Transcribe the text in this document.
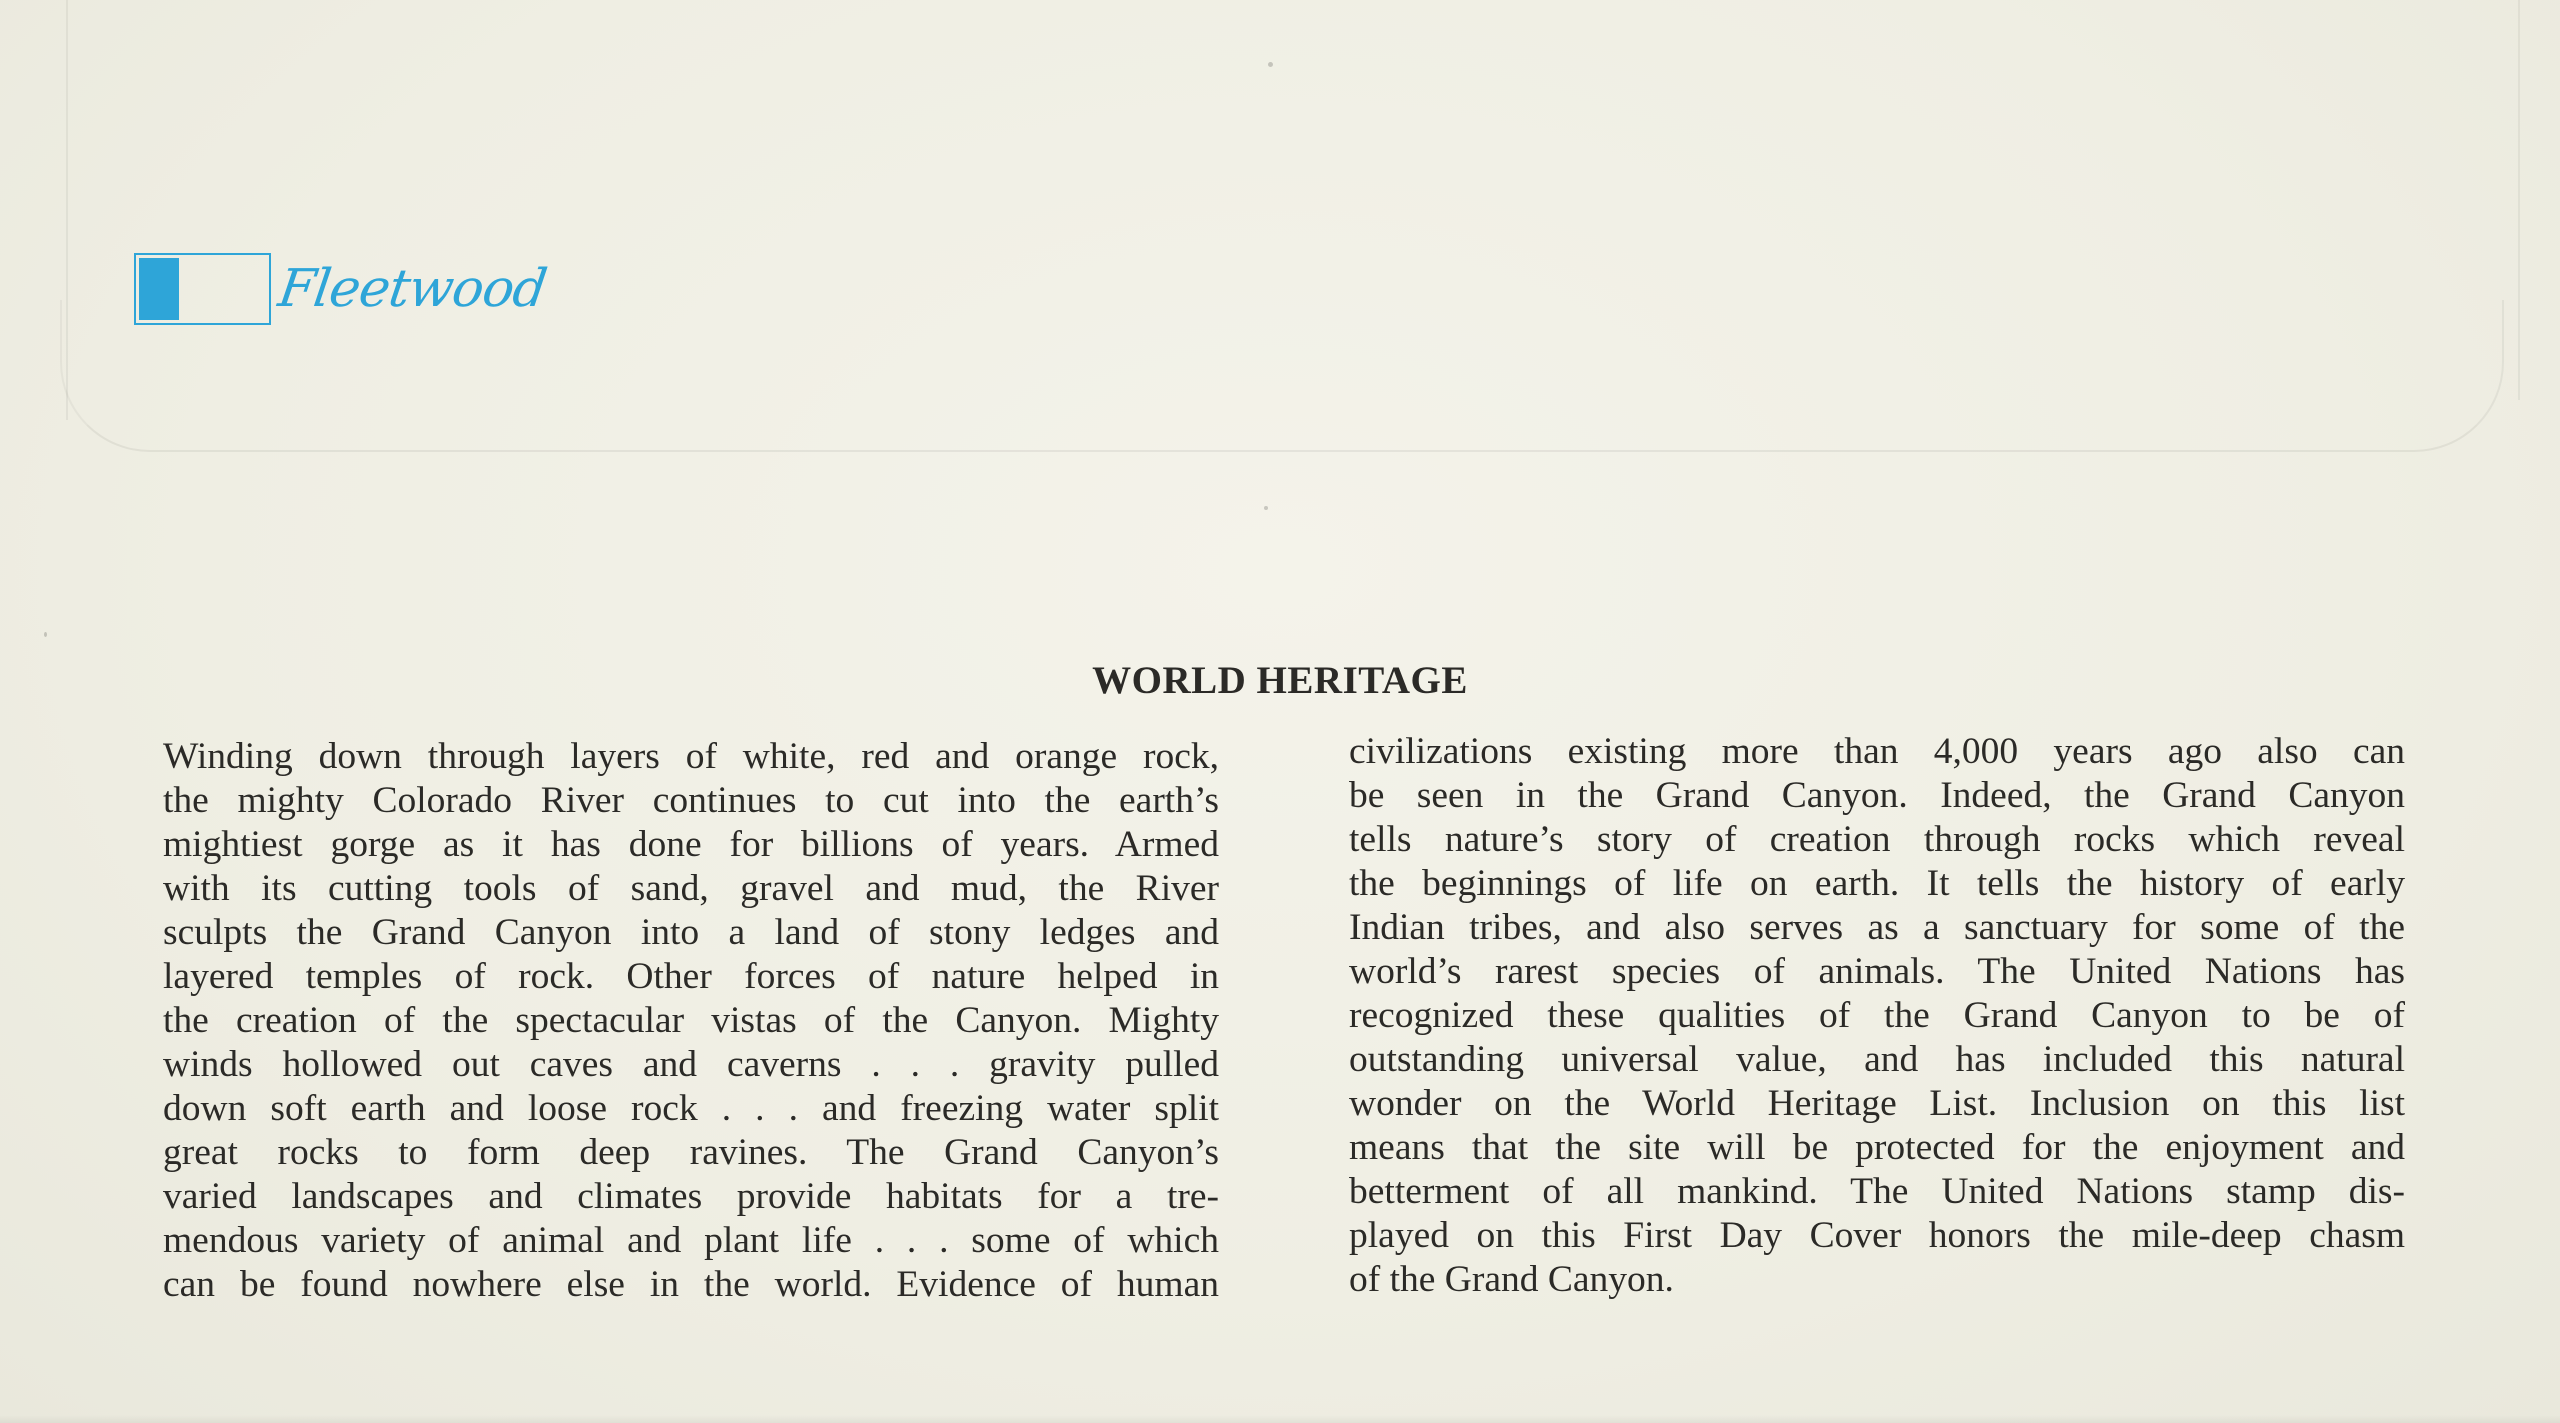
Fleetwood
WORLD HERITAGE
Winding down through layers of white, red and orange rock,
the mighty Colorado River continues to cut into the earth’s
mightiest gorge as it has done for billions of years. Armed
with its cutting tools of sand, gravel and mud, the River
sculpts the Grand Canyon into a land of stony ledges and
layered temples of rock. Other forces of nature helped in
the creation of the spectacular vistas of the Canyon. Mighty
winds hollowed out caves and caverns . . . gravity pulled
down soft earth and loose rock . . . and freezing water split
great rocks to form deep ravines. The Grand Canyon’s
varied landscapes and climates provide habitats for a tre-
mendous variety of animal and plant life . . . some of which
can be found nowhere else in the world. Evidence of human
civilizations existing more than 4,000 years ago also can
be seen in the Grand Canyon. Indeed, the Grand Canyon
tells nature’s story of creation through rocks which reveal
the beginnings of life on earth. It tells the history of early
Indian tribes, and also serves as a sanctuary for some of the
world’s rarest species of animals. The United Nations has
recognized these qualities of the Grand Canyon to be of
outstanding universal value, and has included this natural
wonder on the World Heritage List. Inclusion on this list
means that the site will be protected for the enjoyment and
betterment of all mankind. The United Nations stamp dis-
played on this First Day Cover honors the mile-deep chasm
of the Grand Canyon.
